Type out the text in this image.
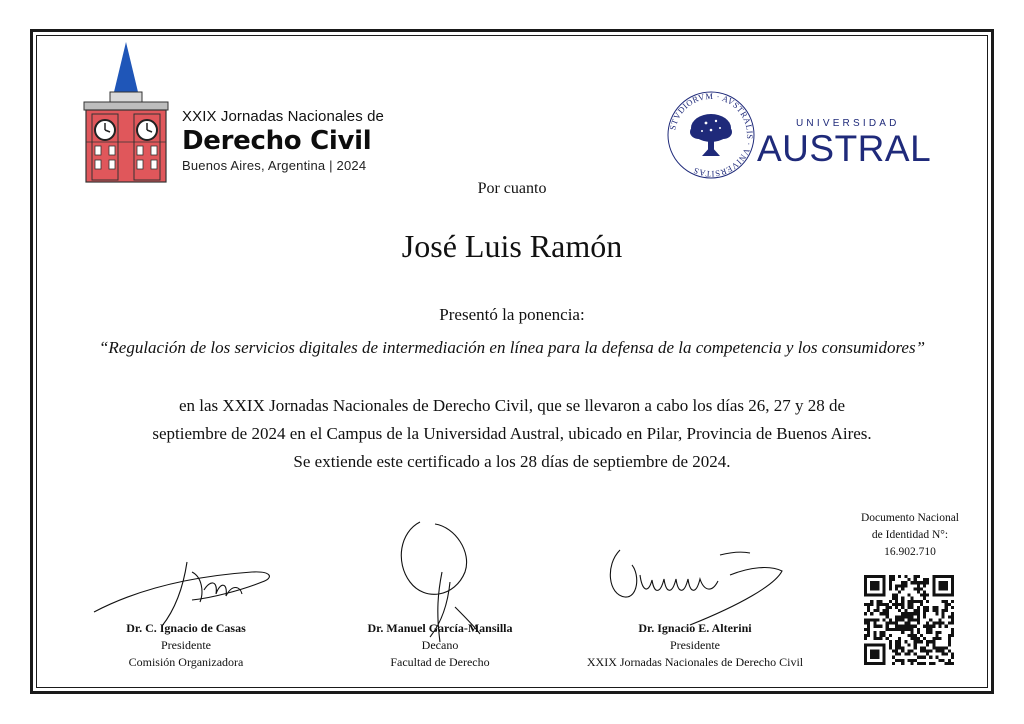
XXIX Jornadas Nacionales de
Derecho Civil
Buenos Aires, Argentina | 2024
STVDIORVM · AVSTRALIS · VNIVERSITAS
UNIVERSIDAD
AUSTRAL
Por cuanto
José Luis Ramón
Presentó la ponencia:
“Regulación de los servicios digitales de intermediación en línea para la defensa de la competencia y los consumidores”
en las XXIX Jornadas Nacionales de Derecho Civil, que se llevaron a cabo los días 26, 27 y 28 de
septiembre de 2024 en el Campus de la Universidad Austral, ubicado en Pilar, Provincia de Buenos Aires.
Se extiende este certificado a los 28 días de septiembre de 2024.
Dr. C. Ignacio de Casas
Presidente
Comisión Organizadora
Dr. Manuel García-Mansilla
Decano
Facultad de Derecho
Dr. Ignacio E. Alterini
Presidente
XXIX Jornadas Nacionales de Derecho Civil
Documento Nacional
de Identidad N°:
16.902.710
